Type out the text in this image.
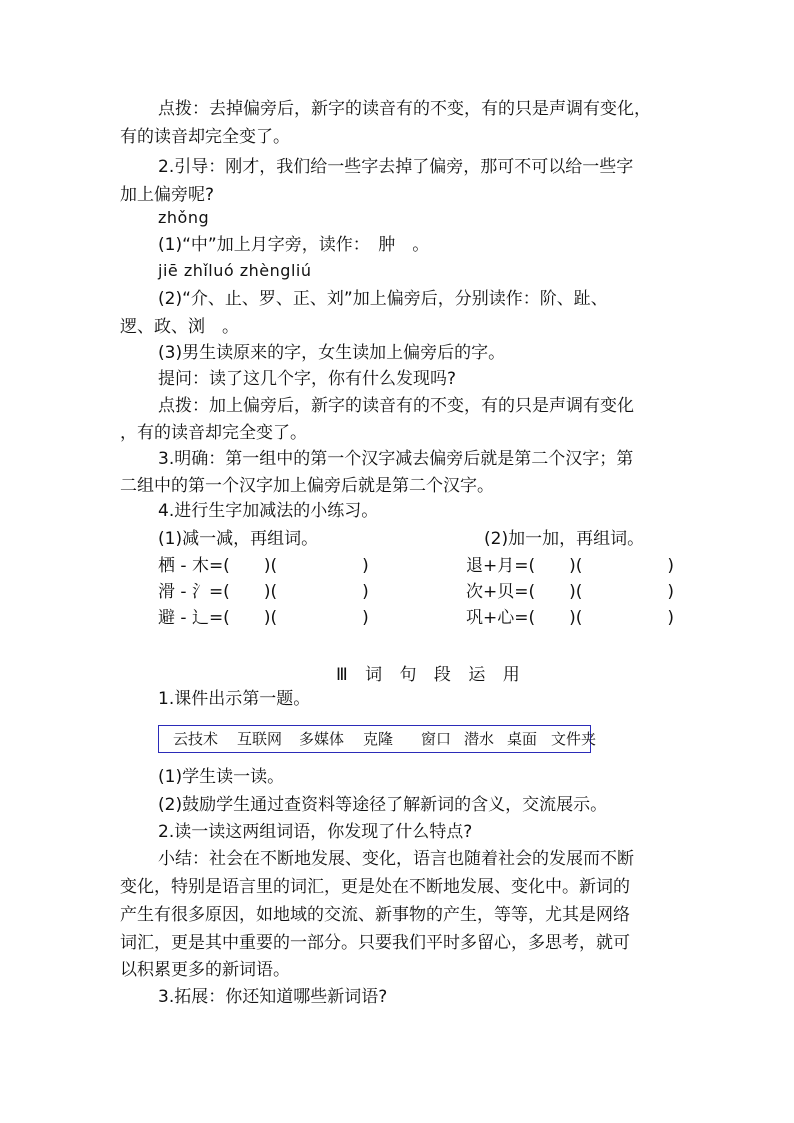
点拨：去掉偏旁后，新字的读音有的不变，有的只是声调有变化，
有的读音却完全变了。
2.引导：刚才，我们给一些字去掉了偏旁，那可不可以给一些字
加上偏旁呢?
zhǒng
(1)“中”加上月字旁，读作：　肿　。
jiē zhǐluó zhèngliú
(2)“介、止、罗、正、刘”加上偏旁后，分别读作：阶、趾、
逻、政、浏　。
(3)男生读原来的字，女生读加上偏旁后的字。
提问：读了这几个字，你有什么发现吗?
点拨：加上偏旁后，新字的读音有的不变，有的只是声调有变化
，有的读音却完全变了。
3.明确：第一组中的第一个汉字减去偏旁后就是第二个汉字；第
二组中的第一个汉字加上偏旁后就是第二个汉字。
4.进行生字加减法的小练习。
(1)减一减，再组词。	(2)加一加，再组词。
栖 - 木=(　　)(　　　　　)
滑 - 氵=(　　)(　　　　　)
避 - 辶=(　　)(　　　　　)
退+月=(　　)(　　　　　)
次+贝=(　　)(　　　　　)
巩+心=(　　)(　　　　　)
Ⅲ 词 句 段 运 用
1.课件出示第一题。
云技术 互联网 多媒体 克隆 窗口 潜水 桌面 文件夹
(1)学生读一读。
(2)鼓励学生通过查资料等途径了解新词的含义，交流展示。
2.读一读这两组词语，你发现了什么特点?
小结：社会在不断地发展、变化，语言也随着社会的发展而不断
变化，特别是语言里的词汇，更是处在不断地发展、变化中。新词的
产生有很多原因，如地域的交流、新事物的产生，等等，尤其是网络
词汇，更是其中重要的一部分。只要我们平时多留心，多思考，就可
以积累更多的新词语。
3.拓展：你还知道哪些新词语?
